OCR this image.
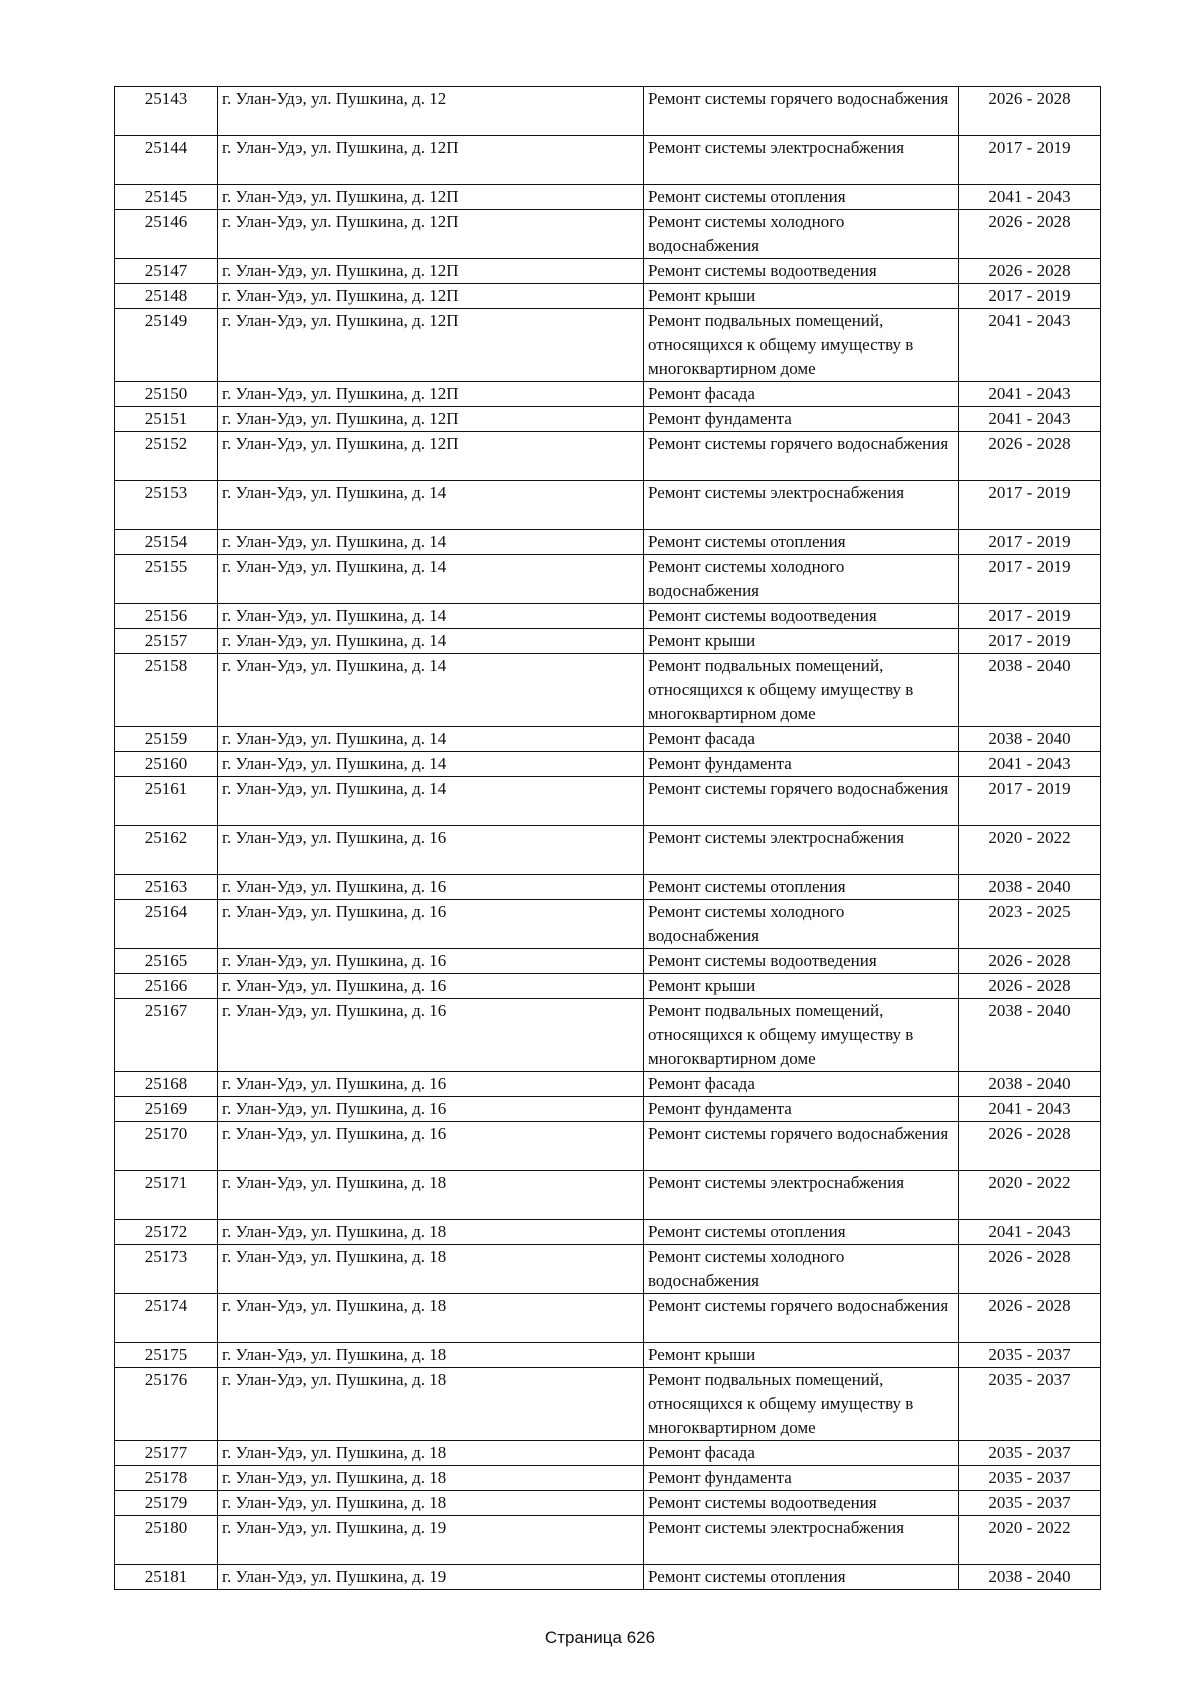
25143	г. Улан-Удэ, ул. Пушкина, д. 12	Ремонт системы горячего водоснабжения	2026 - 2028
25144	г. Улан-Удэ, ул. Пушкина, д. 12П	Ремонт системы электроснабжения	2017 - 2019
25145	г. Улан-Удэ, ул. Пушкина, д. 12П	Ремонт системы отопления	2041 - 2043
25146	г. Улан-Удэ, ул. Пушкина, д. 12П	Ремонт системы холодного водоснабжения	2026 - 2028
25147	г. Улан-Удэ, ул. Пушкина, д. 12П	Ремонт системы водоотведения	2026 - 2028
25148	г. Улан-Удэ, ул. Пушкина, д. 12П	Ремонт крыши	2017 - 2019
25149	г. Улан-Удэ, ул. Пушкина, д. 12П	Ремонт подвальных помещений, относящихся к общему имуществу в многоквартирном доме	2041 - 2043
25150	г. Улан-Удэ, ул. Пушкина, д. 12П	Ремонт фасада	2041 - 2043
25151	г. Улан-Удэ, ул. Пушкина, д. 12П	Ремонт фундамента	2041 - 2043
25152	г. Улан-Удэ, ул. Пушкина, д. 12П	Ремонт системы горячего водоснабжения	2026 - 2028
25153	г. Улан-Удэ, ул. Пушкина, д. 14	Ремонт системы электроснабжения	2017 - 2019
25154	г. Улан-Удэ, ул. Пушкина, д. 14	Ремонт системы отопления	2017 - 2019
25155	г. Улан-Удэ, ул. Пушкина, д. 14	Ремонт системы холодного водоснабжения	2017 - 2019
25156	г. Улан-Удэ, ул. Пушкина, д. 14	Ремонт системы водоотведения	2017 - 2019
25157	г. Улан-Удэ, ул. Пушкина, д. 14	Ремонт крыши	2017 - 2019
25158	г. Улан-Удэ, ул. Пушкина, д. 14	Ремонт подвальных помещений, относящихся к общему имуществу в многоквартирном доме	2038 - 2040
25159	г. Улан-Удэ, ул. Пушкина, д. 14	Ремонт фасада	2038 - 2040
25160	г. Улан-Удэ, ул. Пушкина, д. 14	Ремонт фундамента	2041 - 2043
25161	г. Улан-Удэ, ул. Пушкина, д. 14	Ремонт системы горячего водоснабжения	2017 - 2019
25162	г. Улан-Удэ, ул. Пушкина, д. 16	Ремонт системы электроснабжения	2020 - 2022
25163	г. Улан-Удэ, ул. Пушкина, д. 16	Ремонт системы отопления	2038 - 2040
25164	г. Улан-Удэ, ул. Пушкина, д. 16	Ремонт системы холодного водоснабжения	2023 - 2025
25165	г. Улан-Удэ, ул. Пушкина, д. 16	Ремонт системы водоотведения	2026 - 2028
25166	г. Улан-Удэ, ул. Пушкина, д. 16	Ремонт крыши	2026 - 2028
25167	г. Улан-Удэ, ул. Пушкина, д. 16	Ремонт подвальных помещений, относящихся к общему имуществу в многоквартирном доме	2038 - 2040
25168	г. Улан-Удэ, ул. Пушкина, д. 16	Ремонт фасада	2038 - 2040
25169	г. Улан-Удэ, ул. Пушкина, д. 16	Ремонт фундамента	2041 - 2043
25170	г. Улан-Удэ, ул. Пушкина, д. 16	Ремонт системы горячего водоснабжения	2026 - 2028
25171	г. Улан-Удэ, ул. Пушкина, д. 18	Ремонт системы электроснабжения	2020 - 2022
25172	г. Улан-Удэ, ул. Пушкина, д. 18	Ремонт системы отопления	2041 - 2043
25173	г. Улан-Удэ, ул. Пушкина, д. 18	Ремонт системы холодного водоснабжения	2026 - 2028
25174	г. Улан-Удэ, ул. Пушкина, д. 18	Ремонт системы горячего водоснабжения	2026 - 2028
25175	г. Улан-Удэ, ул. Пушкина, д. 18	Ремонт крыши	2035 - 2037
25176	г. Улан-Удэ, ул. Пушкина, д. 18	Ремонт подвальных помещений, относящихся к общему имуществу в многоквартирном доме	2035 - 2037
25177	г. Улан-Удэ, ул. Пушкина, д. 18	Ремонт фасада	2035 - 2037
25178	г. Улан-Удэ, ул. Пушкина, д. 18	Ремонт фундамента	2035 - 2037
25179	г. Улан-Удэ, ул. Пушкина, д. 18	Ремонт системы водоотведения	2035 - 2037
25180	г. Улан-Удэ, ул. Пушкина, д. 19	Ремонт системы электроснабжения	2020 - 2022
25181	г. Улан-Удэ, ул. Пушкина, д. 19	Ремонт системы отопления	2038 - 2040
Страница 626
